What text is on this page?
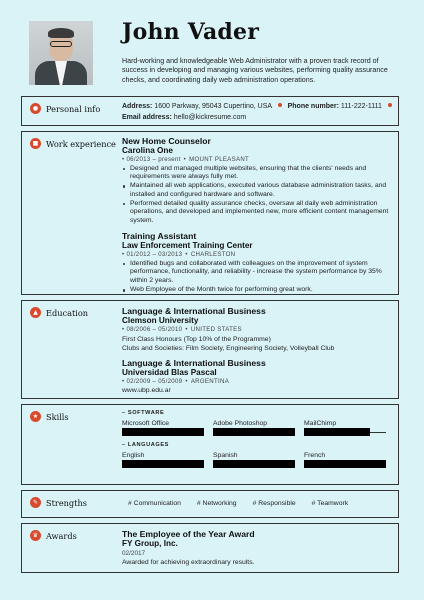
John Vader
Hard-working and knowledgeable Web Administrator with a proven track record of success in developing and managing various websites, performing quality assurance checks, and coordinating daily web administration operations.
● Personal info	Address: 1600 Parkway, 95043 Cupertino, USA Phone number: 111-222-1111
Email address: hello@kickresume.com
■ Work experience New Home Counselor
Carolina One
• 06/2013 – present • MOUNT PLEASANT
Designed and managed multiple websites, ensuring that the clients' needs and requirements were always fully met.
Maintained all web applications, executed various database administration tasks, and installed and configured hardware and software.
Performed detailed quality assurance checks, oversaw all daily web administration operations, and developed and implemented new, more efficient content management system.
Training Assistant
Law Enforcement Training Center
• 01/2012 – 03/2013 • CHARLESTON
Identified bugs and collaborated with colleagues on the improvement of system performance, functionality, and reliability - increase the system performance by 35% within 2 years.
Web Employee of the Month twice for performing great work.
▲ Education	Language & International Business
Clemson University
• 08/2006 – 05/2010 • UNITED STATES
First Class Honours (Top 10% of the Programme)
Clubs and Societies: Film Society, Engineering Society, Volleyball Club
Language & International Business
Universidad Blas Pascal
• 02/2009 – 05/2009 • ARGENTINA
www.ubp.edu.ar
★ Skills	– SOFTWARE
Microsoft Office	Adobe Photoshop	MailChimp
– LANGUAGES
English	Spanish	French
✎ Strengths	# Communication # Networking # Responsible # Teamwork
♛ Awards	The Employee of the Year Award
FY Group, Inc.
02/2017
Awarded for achieving extraordinary results.
